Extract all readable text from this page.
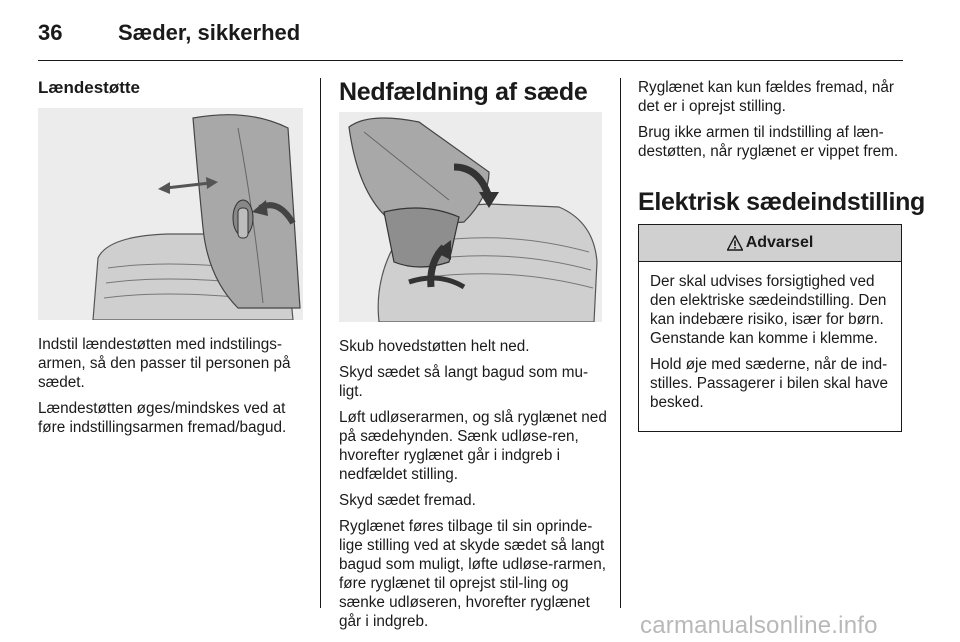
36	Sæder, sikkerhed
Lændestøtte

Indstil lændestøtten med indstilings-armen, så den passer til personen på sædet.

Lændestøtten øges/mindskes ved at føre indstillingsarmen fremad/bagud.

Nedfældning af sæde

Skub hovedstøtten helt ned.

Skyd sædet så langt bagud som mu-ligt.

Løft udløserarmen, og slå ryglænet ned på sædehynden. Sænk udløse-ren, hvorefter ryglænet går i indgreb i nedfældet stilling.

Skyd sædet fremad.

Ryglænet føres tilbage til sin oprinde-lige stilling ved at skyde sædet så langt bagud som muligt, løfte udløse-rarmen, føre ryglænet til oprejst stil-ling og sænke udløseren, hvorefter ryglænet går i indgreb.

Ryglænet kan kun fældes fremad, når det er i oprejst stilling.

Brug ikke armen til indstilling af læn-destøtten, når ryglænet er vippet frem.

Elektrisk sædeindstilling
Advarsel

Der skal udvises forsigtighed ved den elektriske sædeindstilling. Den kan indebære risiko, især for børn. Genstande kan komme i klemme.

Hold øje med sæderne, når de ind-stilles. Passagerer i bilen skal have besked.

carmanualsonline.info
